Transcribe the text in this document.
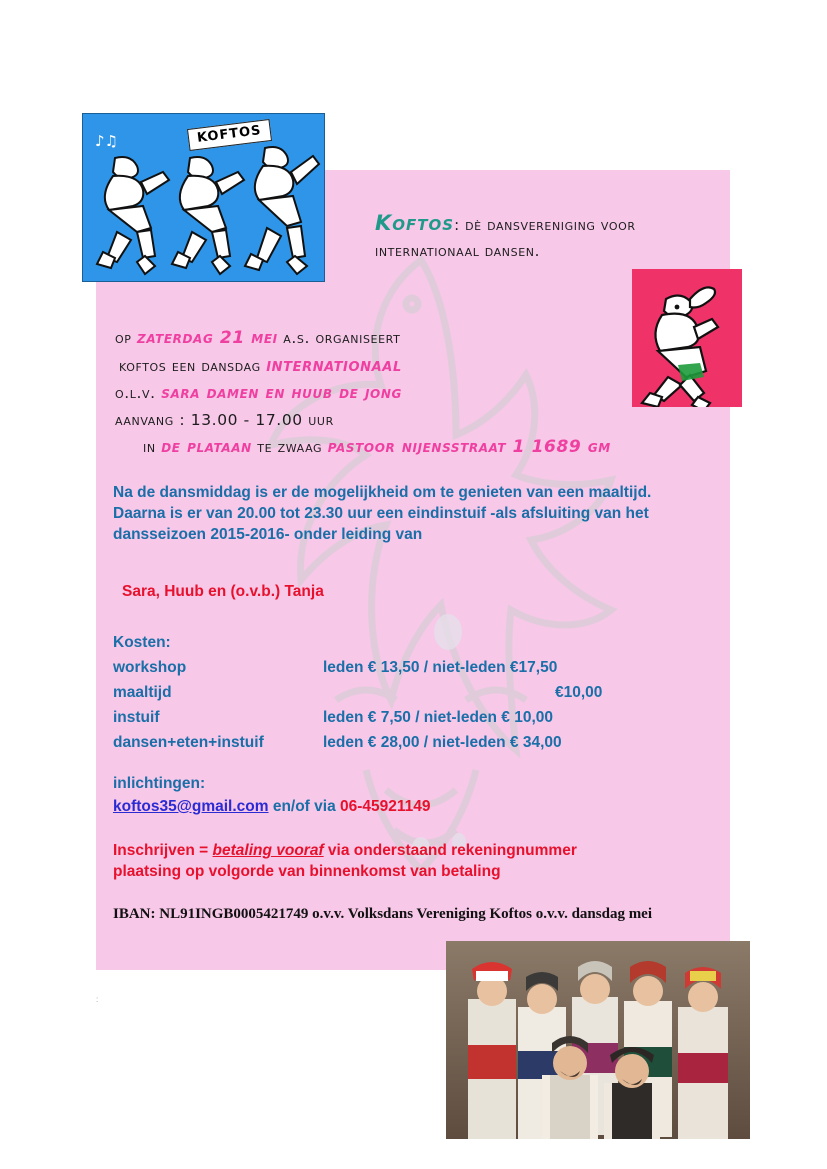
Koftos: dè dansvereniging voor internationaal dansen.
op zaterdag 21 mei a.s. organiseert
koftos een dansdag internationaal
o.l.v. sara damen en huub de jong
aanvang : 13.00 - 17.00 uur
in de plataan te zwaag pastoor nijensstraat 1 1689 gm
Na de dansmiddag is er de mogelijkheid om te genieten van een maaltijd.
Daarna is er van 20.00 tot 23.30 uur een eindinstuif -als afsluiting van het dansseizoen 2015-2016- onder leiding van
Sara, Huub en (o.v.b.) Tanja
Kosten:
workshop	leden € 13,50 / niet-leden €17,50
maaltijd	€10,00
instuif	leden € 7,50 / niet-leden € 10,00
dansen+eten+instuif	leden € 28,00 / niet-leden € 34,00
inlichtingen:
koftos35@gmail.com en/of via 06-45921149
Inschrijven = betaling vooraf via onderstaand rekeningnummer
plaatsing op volgorde van binnenkomst van betaling
IBAN: NL91INGB0005421749 o.v.v. Volksdans Vereniging Koftos o.v.v. dansdag mei
♪♫	KOFTOS
:
